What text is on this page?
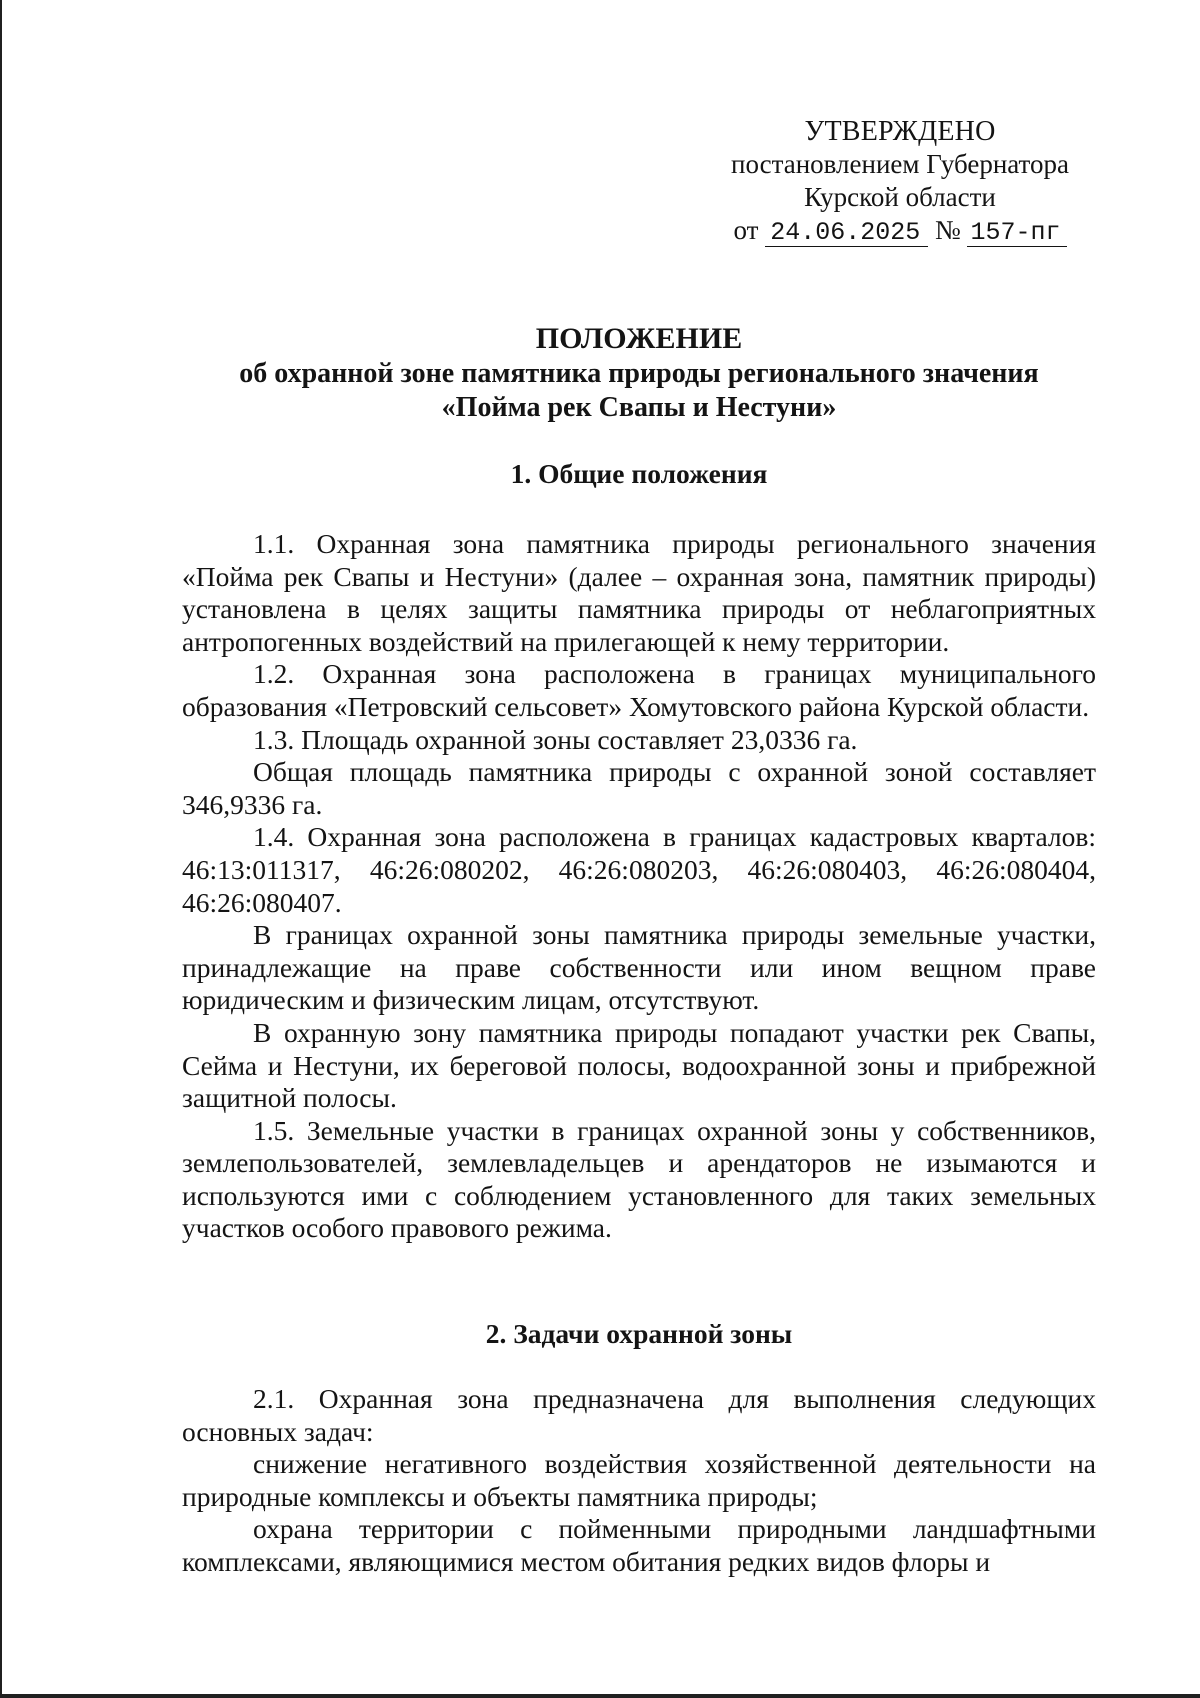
УТВЕРЖДЕНО
постановлением Губернатора
Курской области
от 24.06.2025 № 157-пг
ПОЛОЖЕНИЕ
об охранной зоне памятника природы регионального значения
«Пойма рек Свапы и Нестуни»
1. Общие положения

1.1. Охранная зона памятника природы регионального значения «Пойма рек Свапы и Нестуни» (далее – охранная зона, памятник природы) установлена в целях защиты памятника природы от неблагоприятных антропогенных воздействий на прилегающей к нему территории.

1.2. Охранная зона расположена в границах муниципального образования «Петровский сельсовет» Хомутовского района Курской области.

1.3. Площадь охранной зоны составляет 23,0336 га.

Общая площадь памятника природы с охранной зоной составляет 346,9336 га.

1.4. Охранная зона расположена в границах кадастровых кварталов: 46:13:011317, 46:26:080202, 46:26:080203, 46:26:080403, 46:26:080404, 46:26:080407.

В границах охранной зоны памятника природы земельные участки, принадлежащие на праве собственности или ином вещном праве юридическим и физическим лицам, отсутствуют.

В охранную зону памятника природы попадают участки рек Свапы, Сейма и Нестуни, их береговой полосы, водоохранной зоны и прибрежной защитной полосы.

1.5. Земельные участки в границах охранной зоны у собственников, землепользователей, землевладельцев и арендаторов не изымаются и используются ими с соблюдением установленного для таких земельных участков особого правового режима.

2. Задачи охранной зоны

2.1. Охранная зона предназначена для выполнения следующих основных задач:

снижение негативного воздействия хозяйственной деятельности на природные комплексы и объекты памятника природы;

охрана территории с пойменными природными ландшафтными комплексами, являющимися местом обитания редких видов флоры и
